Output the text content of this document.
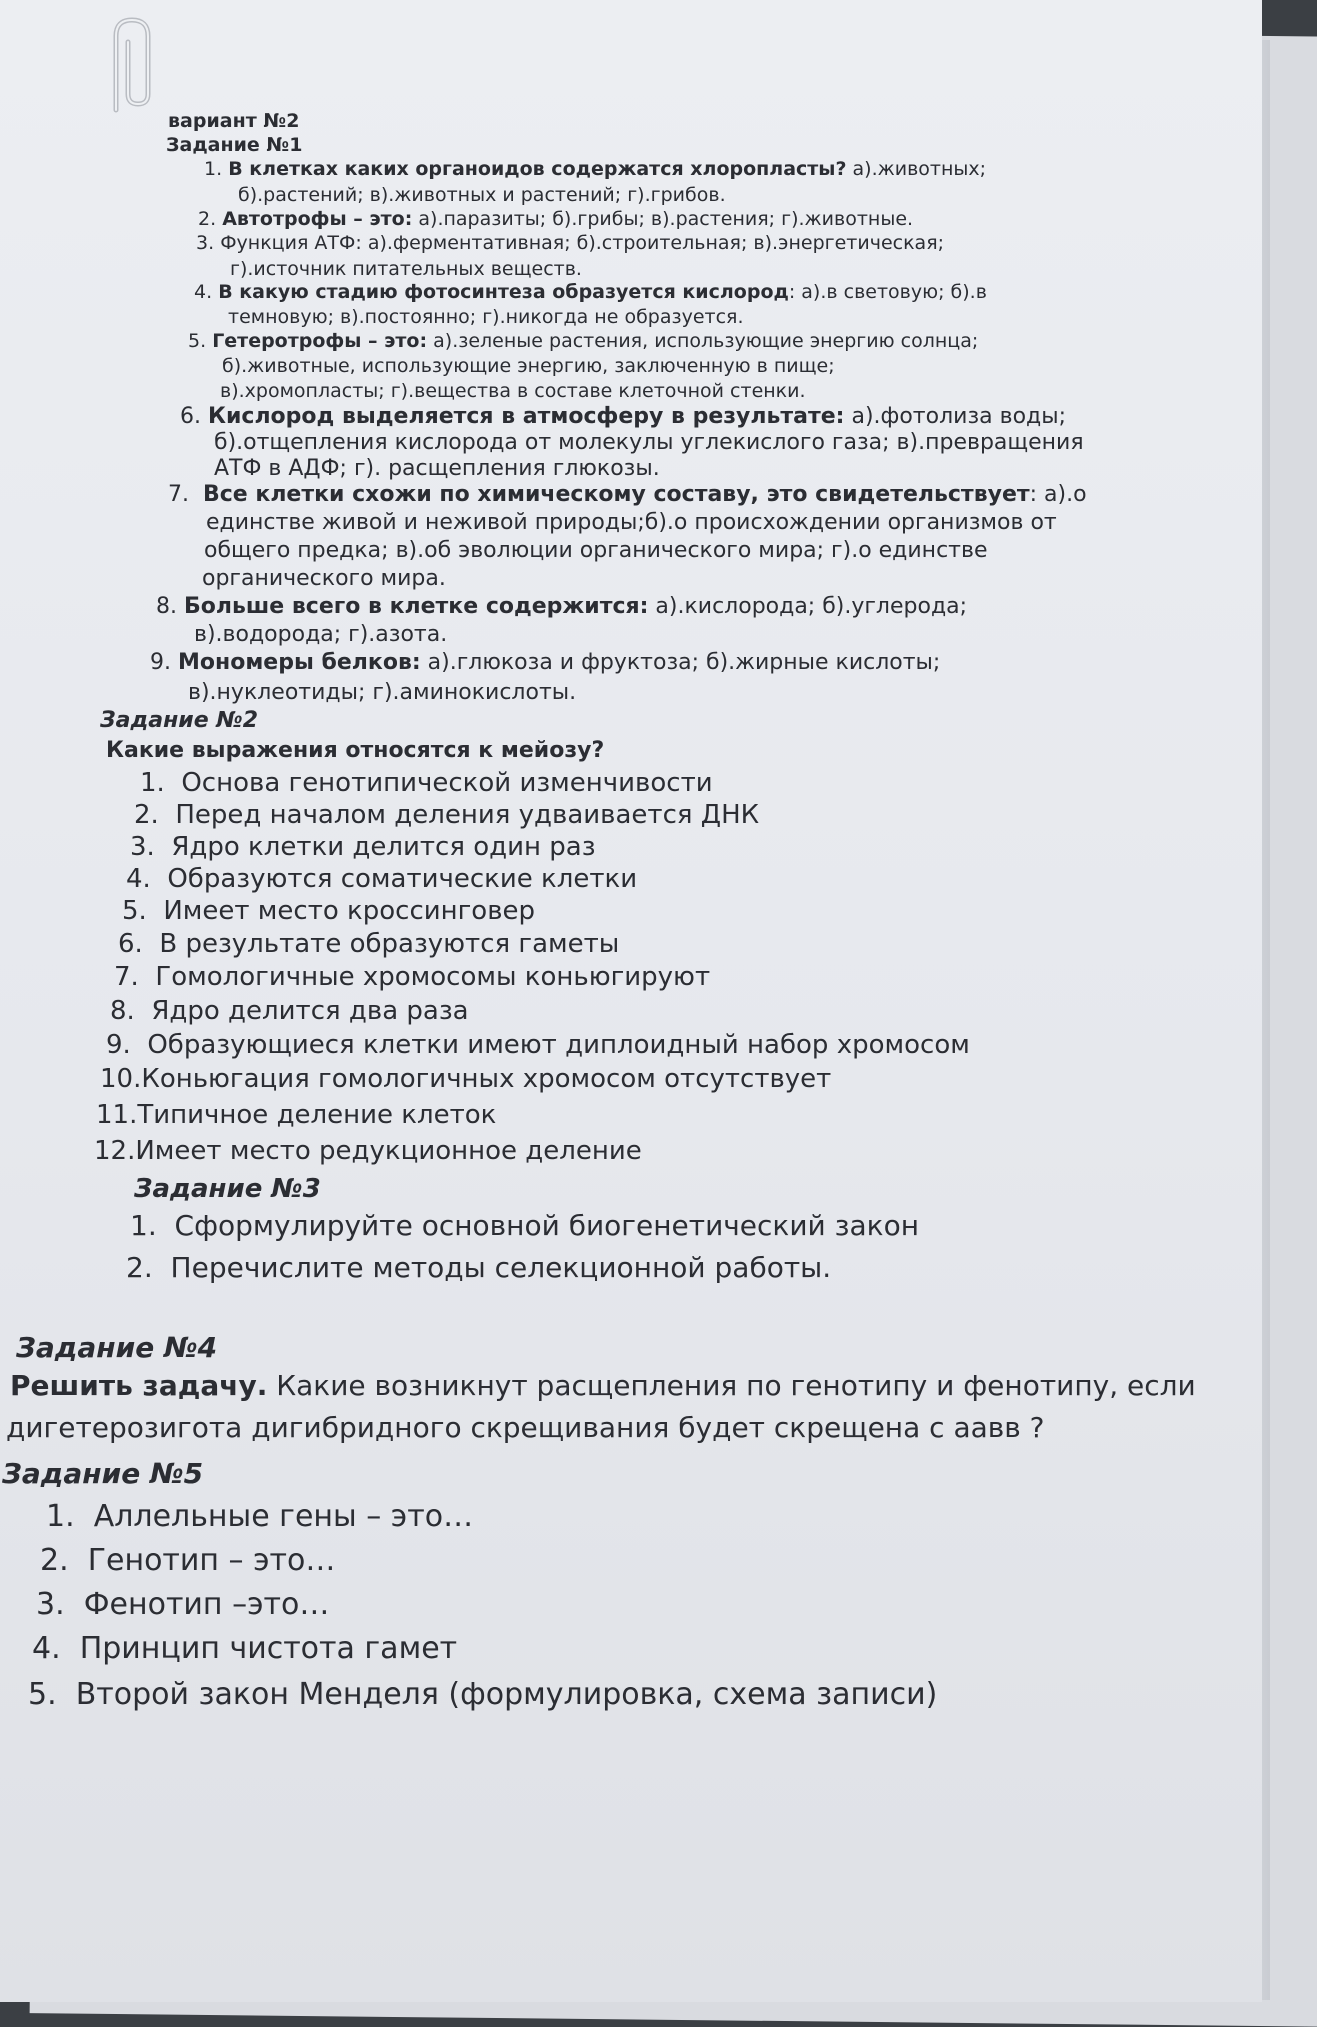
вариант №2

Задание №1

1. В клетках каких органоидов содержатся хлоропласты? а).животных;

б).растений; в).животных и растений; г).грибов.

2. Автотрофы – это: а).паразиты; б).грибы; в).растения; г).животные.

3. Функция АТФ: а).ферментативная; б).строительная; в).энергетическая;

г).источник питательных веществ.

4. В какую стадию фотосинтеза образуется кислород: а).в световую; б).в

темновую; в).постоянно; г).никогда не образуется.

5. Гетеротрофы – это: а).зеленые растения, использующие энергию солнца;

б).животные, использующие энергию, заключенную в пище;

в).хромопласты; г).вещества в составе клеточной стенки.

6. Кислород выделяется в атмосферу в результате: а).фотолиза воды;

б).отщепления кислорода от молекулы углекислого газа; в).превращения

АТФ в АДФ; г). расщепления глюкозы.

7. Все клетки схожи по химическому составу, это свидетельствует: а).о

единстве живой и неживой природы;б).о происхождении организмов от

общего предка; в).об эволюции органического мира; г).о единстве

органического мира.

8. Больше всего в клетке содержится: а).кислорода; б).углерода;

в).водорода; г).азота.

9. Мономеры белков: а).глюкоза и фруктоза; б).жирные кислоты;

в).нуклеотиды; г).аминокислоты.

Задание №2

Какие выражения относятся к мейозу?

1. Основа генотипической изменчивости

2. Перед началом деления удваивается ДНК

3. Ядро клетки делится один раз

4. Образуются соматические клетки

5. Имеет место кроссинговер

6. В результате образуются гаметы

7. Гомологичные хромосомы коньюгируют

8. Ядро делится два раза

9. Образующиеся клетки имеют диплоидный набор хромосом

10.Коньюгация гомологичных хромосом отсутствует

11.Типичное деление клеток

12.Имеет место редукционное деление

Задание №3

1. Сформулируйте основной биогенетический закон

2. Перечислите методы селекционной работы.

Задание №4

Решить задачу. Какие возникнут расщепления по генотипу и фенотипу, если

дигетерозигота дигибридного скрещивания будет скрещена с аавв ?

Задание №5

1. Аллельные гены – это…

2. Генотип – это…

3. Фенотип –это…

4. Принцип чистота гамет

5. Второй закон Менделя (формулировка, схема записи)
